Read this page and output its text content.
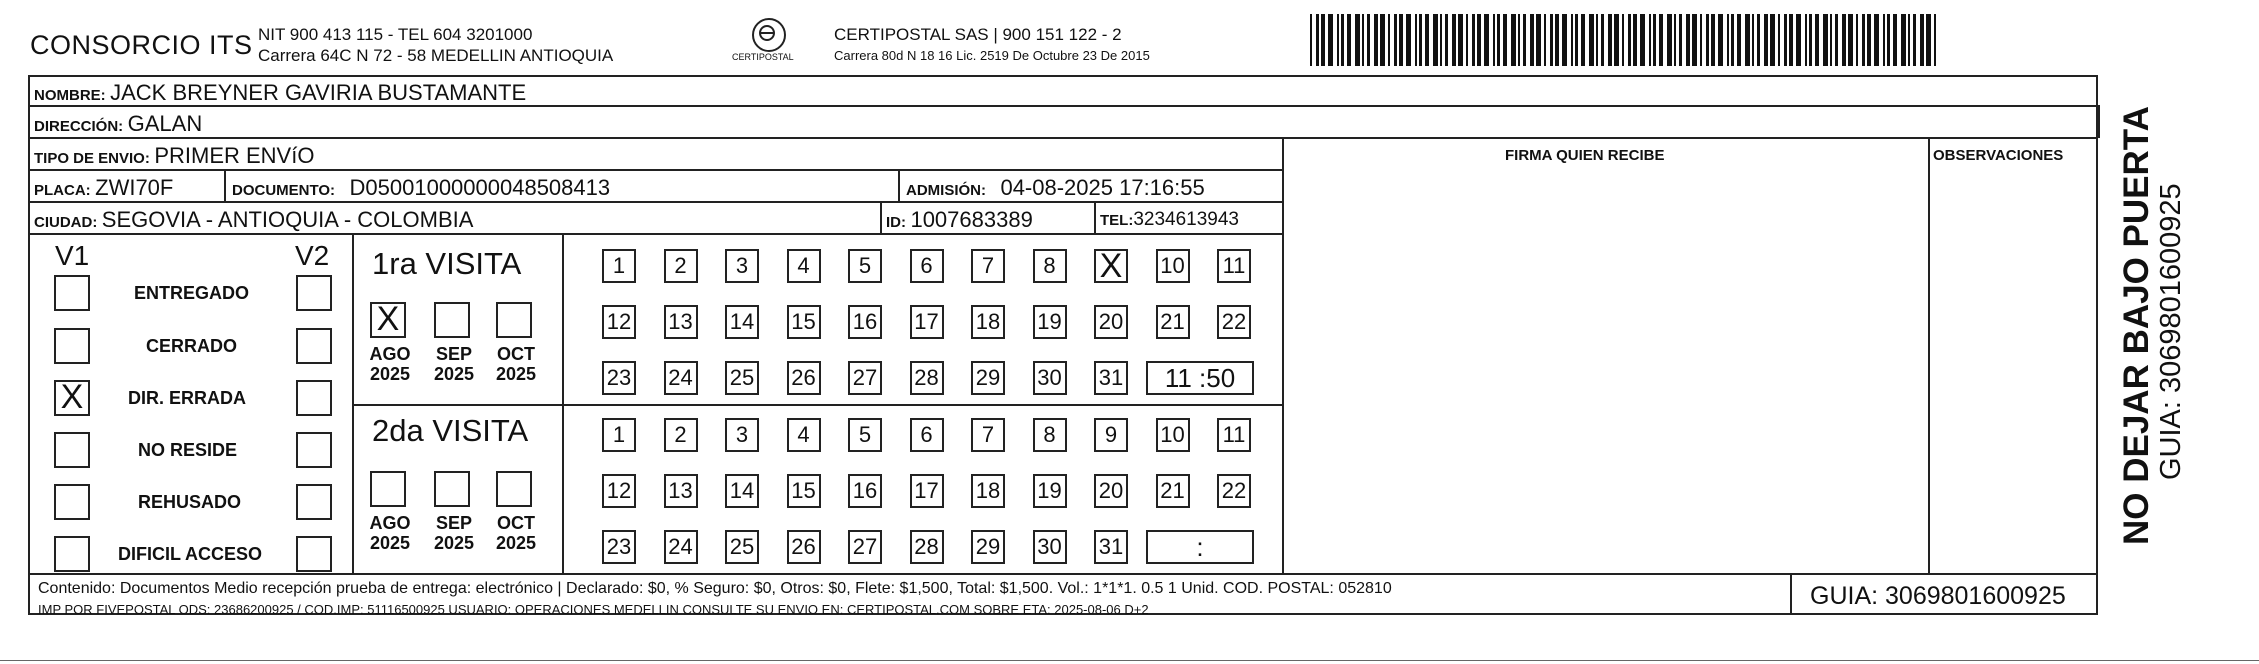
CONSORCIO ITS NIT 900 413 115 - TEL 604 3201000
Carrera 64C N 72 - 58 MEDELLIN ANTIOQUIA	CERTIPOSTAL
CERTIPOSTAL SAS | 900 151 122 - 2
Carrera 80d N 18 16 Lic. 2519 De Octubre 23 De 2015
NOMBRE: JACK BREYNER GAVIRIA BUSTAMANTE
DIRECCIÓN: GALAN
TIPO DE ENVIO: PRIMER ENVíO	FIRMA QUIEN RECIBE	OBSERVACIONES
PLACA: ZWI70F	DOCUMENTO: D05001000000048508413	ADMISIÓN: 04-08-2025 17:16:55
CIUDAD: SEGOVIA - ANTIOQUIA - COLOMBIA	ID: 1007683389	TEL:3234613943
V1	V2
ENTREGADO
CERRADO
X DIR. ERRADA
NO RESIDE
REHUSADO
DIFICIL ACCESO
1ra VISITA
X
AGO
2025
SEP
2025
OCT
2025
1	2	3	4	5	6	7	8	X 10 11
12 13 14 15 16 17 18 19 20 21 22
23 24 25 26 27 28 29 30 31	11 :50
2da VISITA
AGO
2025
SEP
2025
OCT
2025
1	2	3	4	5	6	7	8	9	10 11
12 13 14 15 16 17 18 19 20 21 22
23 24 25 26 27 28 29 30 31	:
Contenido: Documentos Medio recepción prueba de entrega: electrónico | Declarado: $0, % Seguro: $0, Otros: $0, Flete: $1,500, Total: $1,500. Vol.: 1*1*1. 0.5 1 Unid. COD. POSTAL: 052810
IMP POR FIVEPOSTAL ODS: 23686200925 / COD.IMP: 51116500925 USUARIO: OPERACIONES MEDELLIN CONSULTE SU ENVIO EN: CERTIPOSTAL.COM SOBRE ETA: 2025-08-06 D+2	GUIA: 3069801600925
NO DEJAR BAJO PUERTA GUIA: 3069801600925
